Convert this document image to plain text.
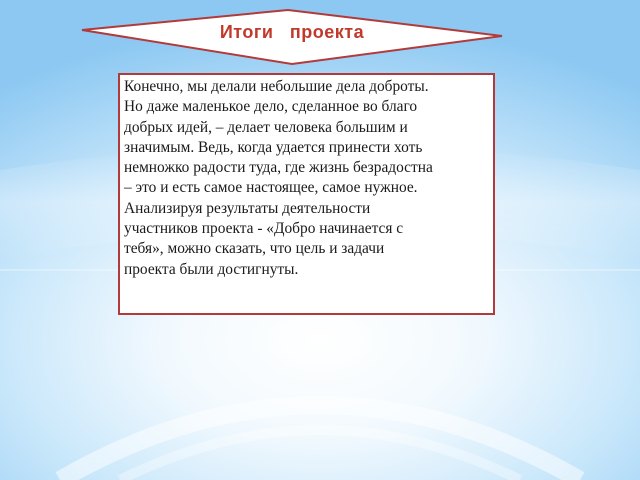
Итоги   проекта

Конечно, мы делали небольшие дела доброты.
Но даже маленькое дело, сделанное во благо
добрых идей, – делает человека большим и
значимым. Ведь, когда удается принести хоть
немножко радости туда, где жизнь безрадостна
– это и есть самое настоящее, самое нужное.
Анализируя результаты деятельности
участников проекта - «Добро начинается с
тебя», можно сказать, что цель и задачи
проекта были достигнуты.
